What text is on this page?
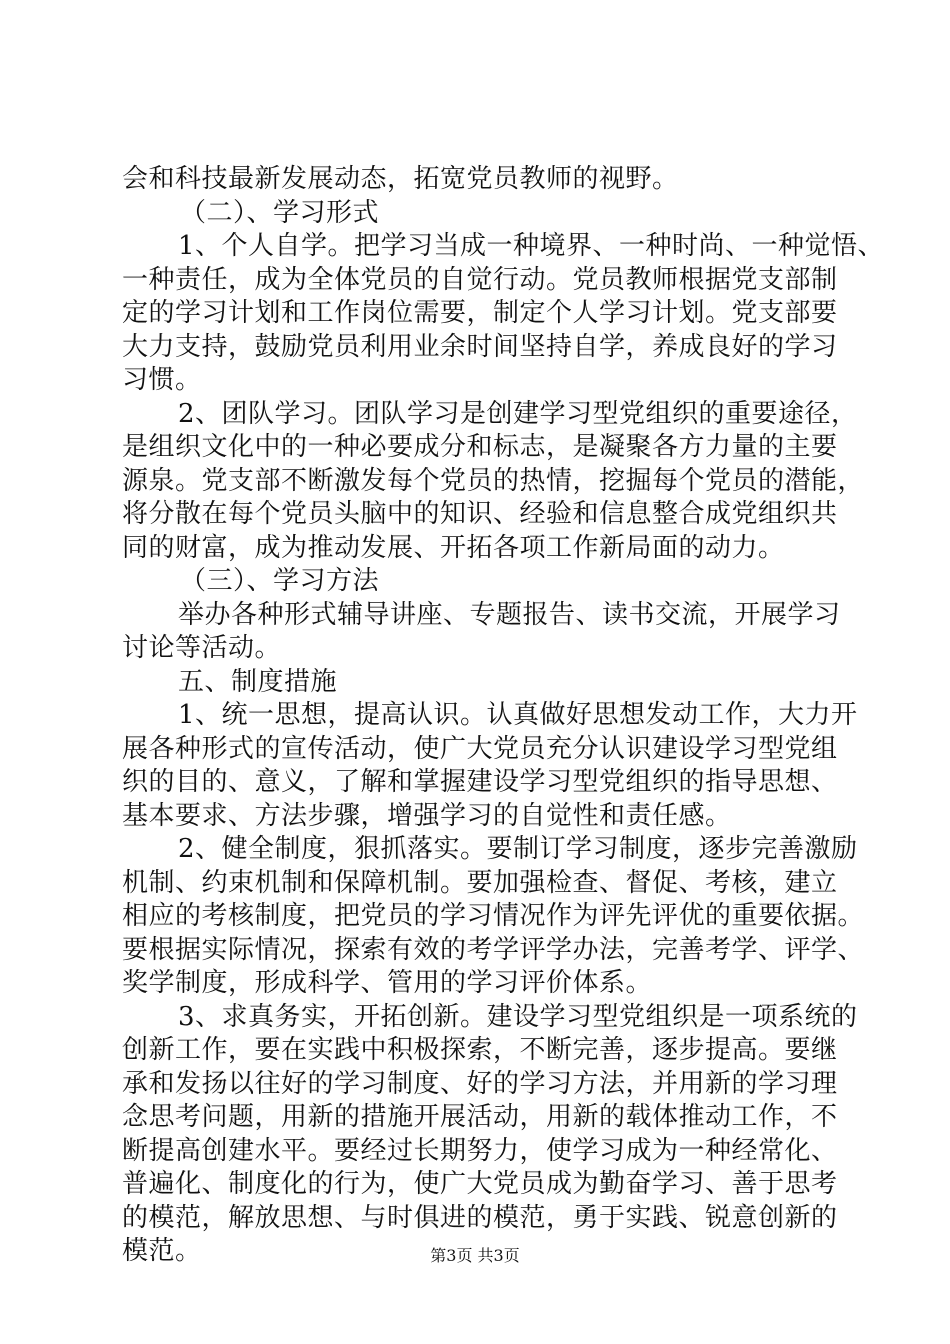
会和科技最新发展动态，拓宽党员教师的视野。
（二）、学习形式
1、个人自学。把学习当成一种境界、一种时尚、一种觉悟、
一种责任，成为全体党员的自觉行动。党员教师根据党支部制
定的学习计划和工作岗位需要，制定个人学习计划。党支部要
大力支持，鼓励党员利用业余时间坚持自学，养成良好的学习
习惯。
2、团队学习。团队学习是创建学习型党组织的重要途径，
是组织文化中的一种必要成分和标志，是凝聚各方力量的主要
源泉。党支部不断激发每个党员的热情，挖掘每个党员的潜能，
将分散在每个党员头脑中的知识、经验和信息整合成党组织共
同的财富，成为推动发展、开拓各项工作新局面的动力。
（三）、学习方法
举办各种形式辅导讲座、专题报告、读书交流，开展学习
讨论等活动。
五、制度措施
1、统一思想，提高认识。认真做好思想发动工作，大力开
展各种形式的宣传活动，使广大党员充分认识建设学习型党组
织的目的、意义，了解和掌握建设学习型党组织的指导思想、
基本要求、方法步骤，增强学习的自觉性和责任感。
2、健全制度，狠抓落实。要制订学习制度，逐步完善激励
机制、约束机制和保障机制。要加强检查、督促、考核，建立
相应的考核制度，把党员的学习情况作为评先评优的重要依据。
要根据实际情况，探索有效的考学评学办法，完善考学、评学、
奖学制度，形成科学、管用的学习评价体系。
3、求真务实，开拓创新。建设学习型党组织是一项系统的
创新工作，要在实践中积极探索，不断完善，逐步提高。要继
承和发扬以往好的学习制度、好的学习方法，并用新的学习理
念思考问题，用新的措施开展活动，用新的载体推动工作，不
断提高创建水平。要经过长期努力，使学习成为一种经常化、
普遍化、制度化的行为，使广大党员成为勤奋学习、善于思考
的模范，解放思想、与时俱进的模范，勇于实践、锐意创新的
模范。	第3页 共3页
